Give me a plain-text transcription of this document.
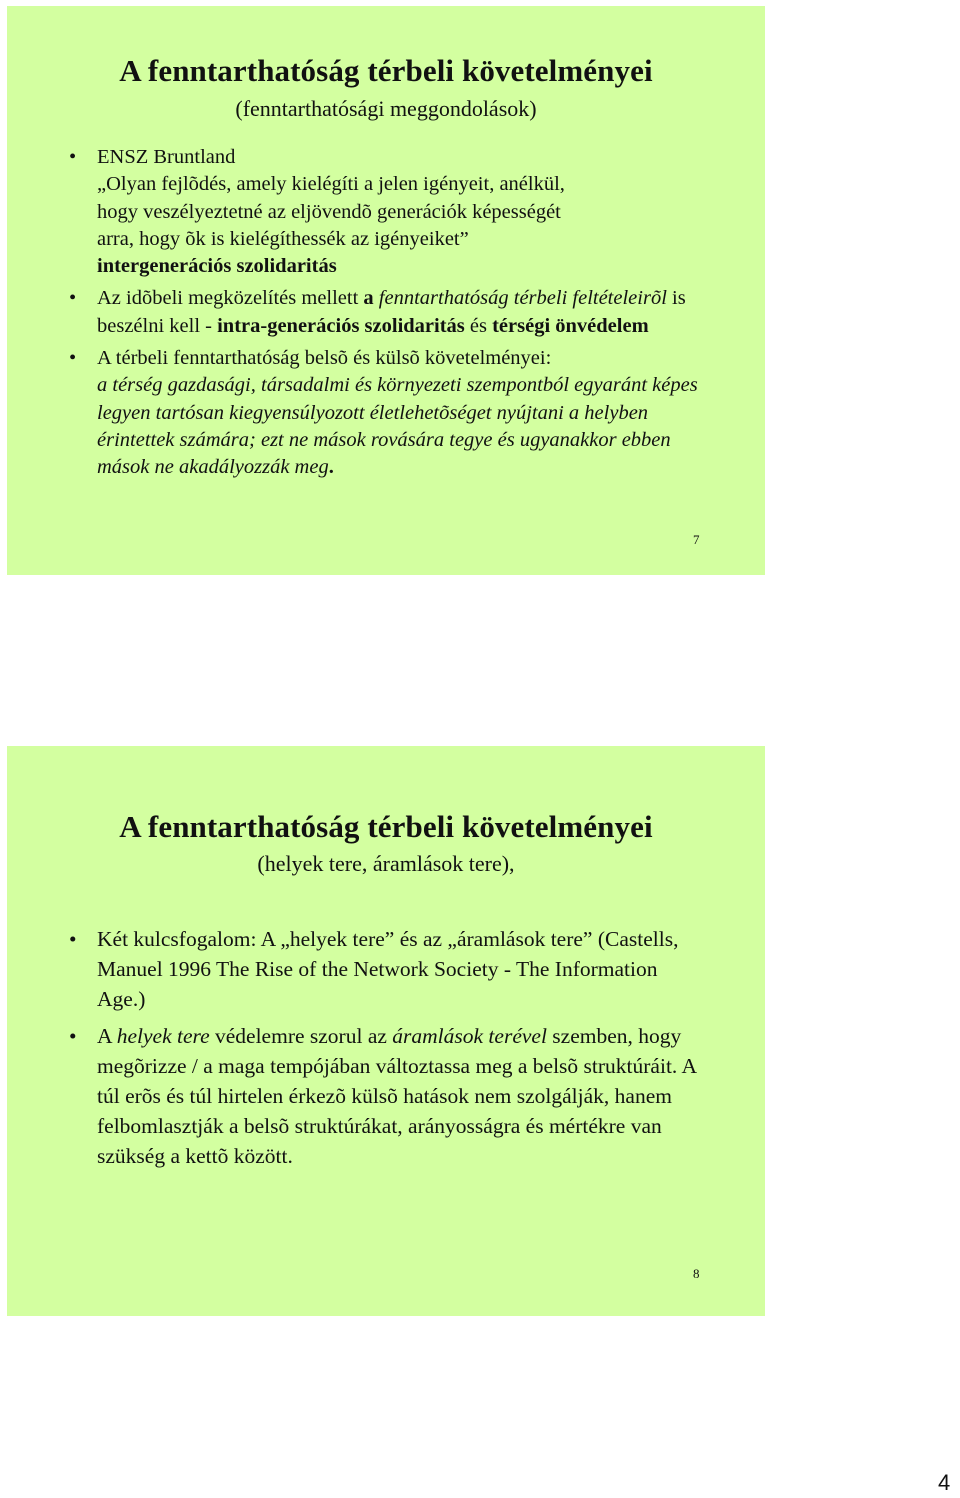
A fenntarthatóság térbeli követelményei
(fenntarthatósági meggondolások)
• ENSZ Bruntland
„Olyan fejlõdés, amely kielégíti a jelen igényeit, anélkül,
hogy veszélyeztetné az eljövendõ generációk képességét
arra, hogy õk is kielégíthessék az igényeiket”
intergenerációs szolidaritás
• Az idõbeli megközelítés mellett a fenntarthatóság térbeli feltételeirõl is beszélni kell - intra-generációs szolidaritás és térségi önvédelem
• A térbeli fenntarthatóság belsõ és külsõ követelményei:
a térség gazdasági, társadalmi és környezeti szempontból egyaránt képes legyen tartósan kiegyensúlyozott életlehetõséget nyújtani a helyben érintettek számára; ezt ne mások rovására tegye és ugyanakkor ebben mások ne akadályozzák meg.
7
A fenntarthatóság térbeli követelményei
(helyek tere, áramlások tere),
• Két kulcsfogalom: A „helyek tere” és az „áramlások tere” (Castells, Manuel 1996 The Rise of the Network Society - The Information Age.)
• A helyek tere védelemre szorul az áramlások terével szemben, hogy megõrizze / a maga tempójában változtassa meg a belsõ struktúráit. A túl erõs és túl hirtelen érkezõ külsõ hatások nem szolgálják, hanem felbomlasztják a belsõ struktúrákat, arányosságra és mértékre van szükség a kettõ között.
8
4
